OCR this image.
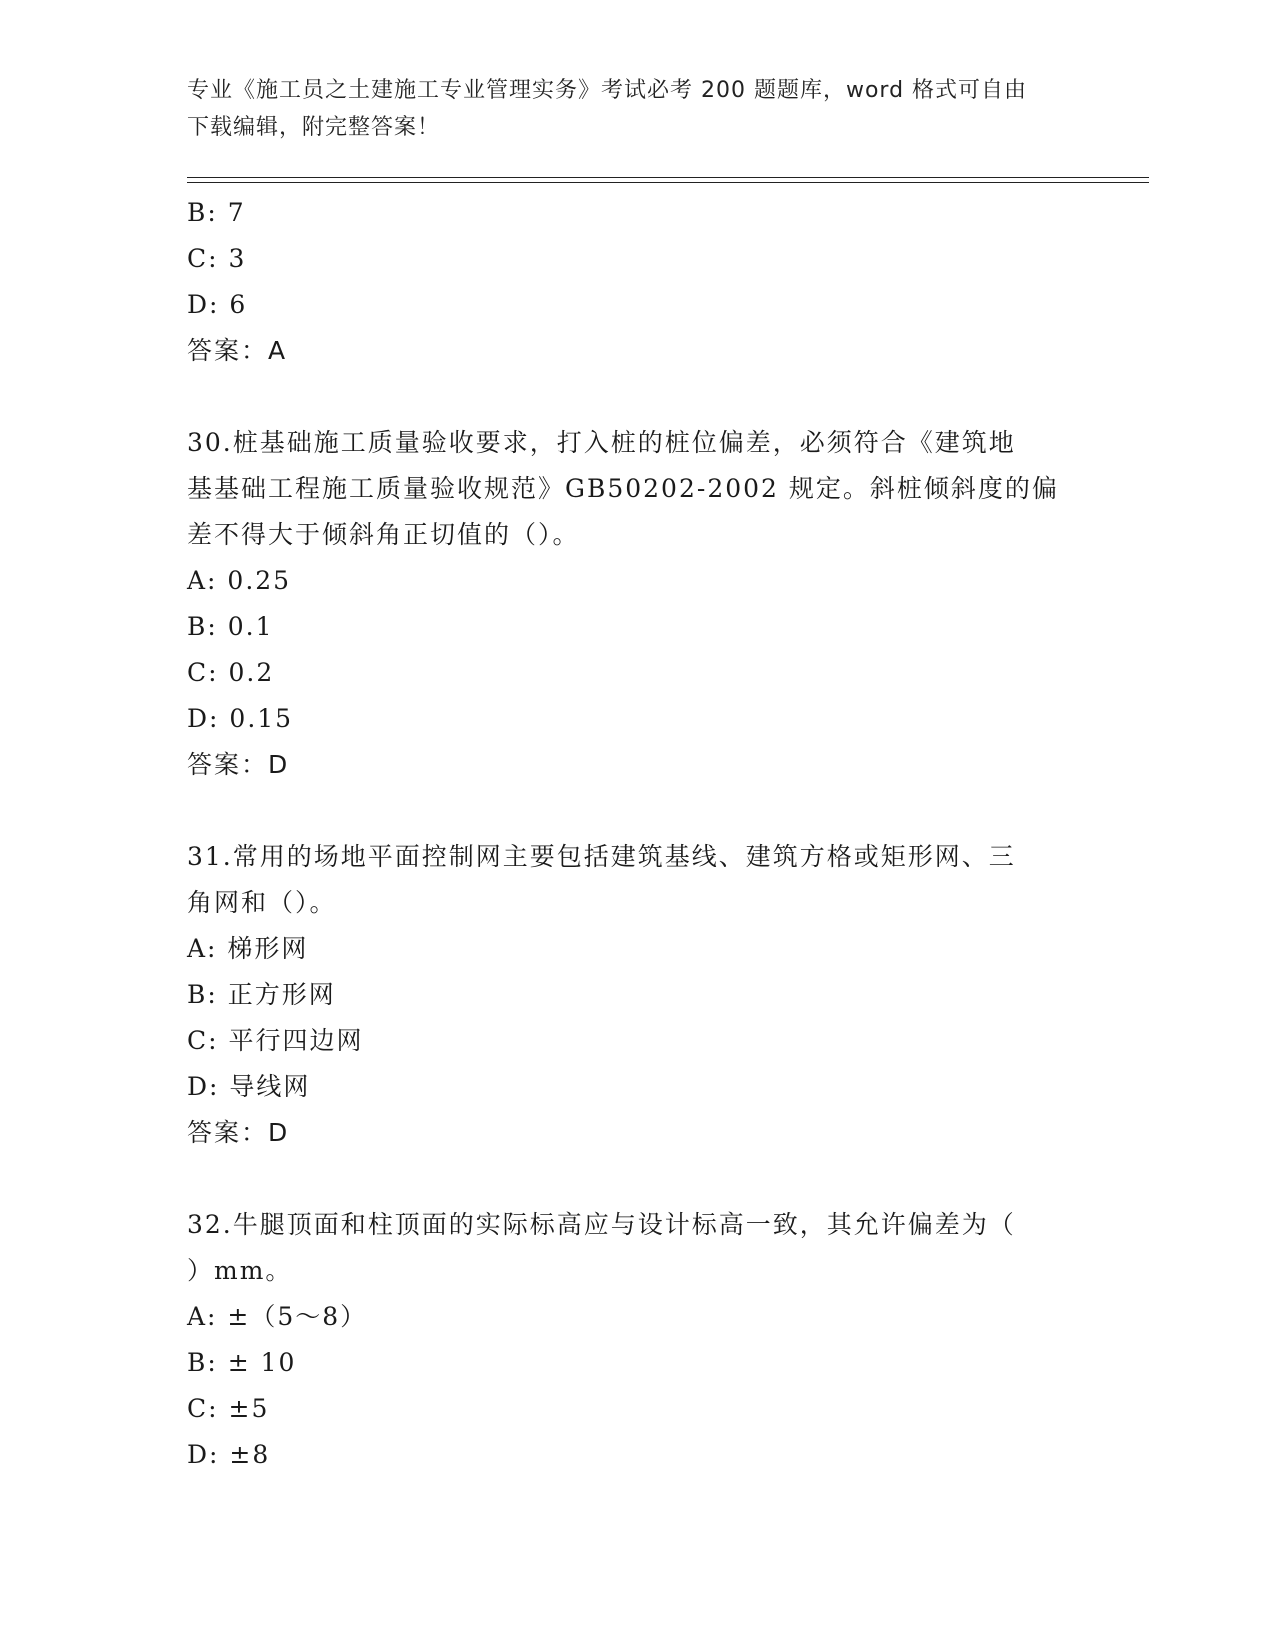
专业《施工员之土建施工专业管理实务》考试必考 200 题题库，word 格式可自由
下载编辑，附完整答案！
B: 7
C: 3
D: 6
答案：A
30.桩基础施工质量验收要求，打入桩的桩位偏差，必须符合《建筑地
基基础工程施工质量验收规范》GB50202-2002 规定。斜桩倾斜度的偏
差不得大于倾斜角正切值的（）。
A: 0.25
B: 0.1
C: 0.2
D: 0.15
答案：D
31.常用的场地平面控制网主要包括建筑基线、建筑方格或矩形网、三
角网和（）。
A: 梯形网
B: 正方形网
C: 平行四边网
D: 导线网
答案：D
32.牛腿顶面和柱顶面的实际标高应与设计标高一致，其允许偏差为（
）mm。
A: ±（5～8）
B: ± 10
C: ±5
D: ±8
